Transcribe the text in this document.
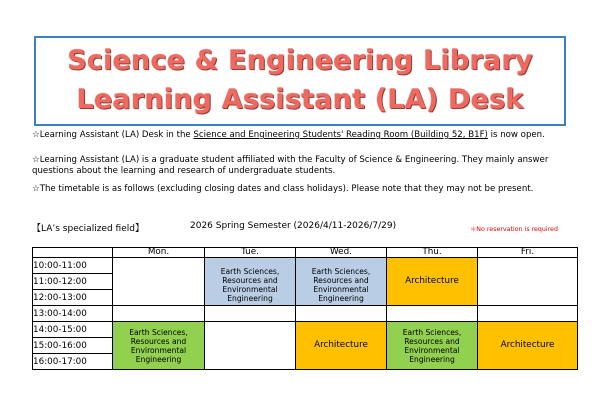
Science & Engineering Library
Learning Assistant (LA) Desk
☆Learning Assistant (LA) Desk in the Science and Engineering Students' Reading Room (Building 52, B1F) is now open.
☆Learning Assistant (LA) is a graduate student affiliated with the Faculty of Science & Engineering. They mainly answer questions about the learning and research of undergraduate students.
☆The timetable is as follows (excluding closing dates and class holidays). Please note that they may not be present.
【LA’s specialized field】	2026 Spring Semester (2026/4/11-2026/7/29)	＊No reservation is required
	Mon.	Tue.	Wed.	Thu.	Fri.
10:00-11:00		Earth Sciences, Resources and Environmental Engineering	Earth Sciences, Resources and Environmental Engineering	Architecture	
11:00-12:00					
12:00-13:00					
13:00-14:00					
14:00-15:00	Earth Sciences, Resources and Environmental Engineering		Architecture	Earth Sciences, Resources and Environmental Engineering	Architecture
15:00-16:00					
16:00-17:00					
